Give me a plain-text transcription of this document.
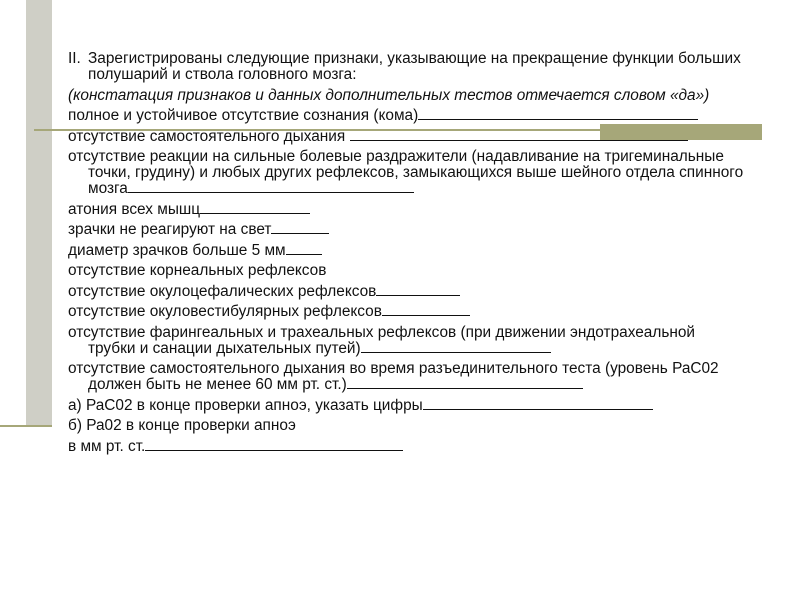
II. Зарегистрированы следующие признаки, указывающие на прекращение функции больших полушарий и ствола головного мозга:
(констатация признаков и данных дополнительных тестов отмечается словом «да»)
полное и устойчивое отсутствие сознания (кома)
отсутствие самостоятельного дыхания
отсутствие реакции на сильные болевые раздражители (надавливание на тригеминальные точки, грудину) и любых других рефлексов, замыкающихся выше шейного отдела спинного мозга
атония всех мышц
зрачки не реагируют на свет
диаметр зрачков больше 5 мм
отсутствие корнеальных рефлексов
отсутствие окулоцефалических рефлексов
отсутствие окуловестибулярных рефлексов
отсутствие фарингеальных и трахеальных рефлексов (при движении эндотрахеальной трубки и санации дыхательных путей)
отсутствие самостоятельного дыхания во время разъединительного теста (уровень РаС02 должен быть не менее 60 мм рт. ст.)
а) РаС02 в конце проверки апноэ, указать цифры
б) Ра02 в конце проверки апноэ
в мм рт. ст.
